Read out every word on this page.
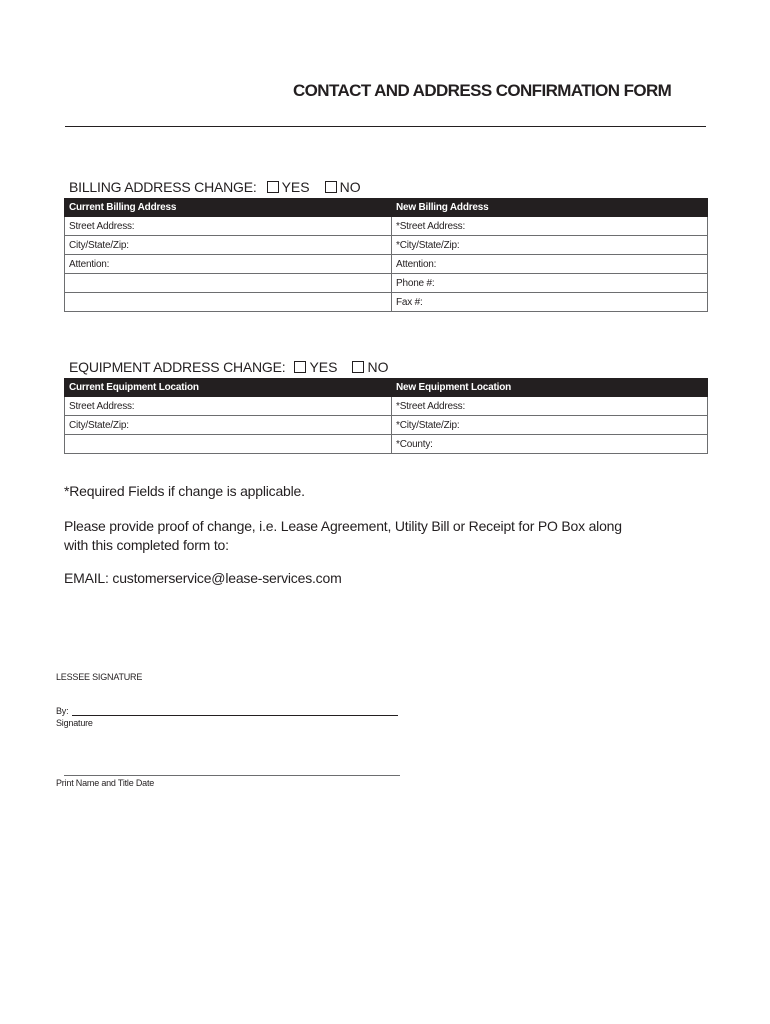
CONTACT AND ADDRESS CONFIRMATION FORM
BILLING ADDRESS CHANGE: YES NO
Current Billing Address	New Billing Address
Street Address:	*Street Address:
City/State/Zip:	*City/State/Zip:
Attention:	Attention:
	Phone #:
	Fax #:
EQUIPMENT ADDRESS CHANGE: YES NO
Current Equipment Location	New Equipment Location
Street Address:	*Street Address:
City/State/Zip:	*City/State/Zip:
	*County:
*Required Fields if change is applicable.
Please provide proof of change, i.e. Lease Agreement, Utility Bill or Receipt for PO Box along
with this completed form to:
EMAIL: customerservice@lease-services.com
LESSEE SIGNATURE
By:
Signature
Print Name and Title Date
